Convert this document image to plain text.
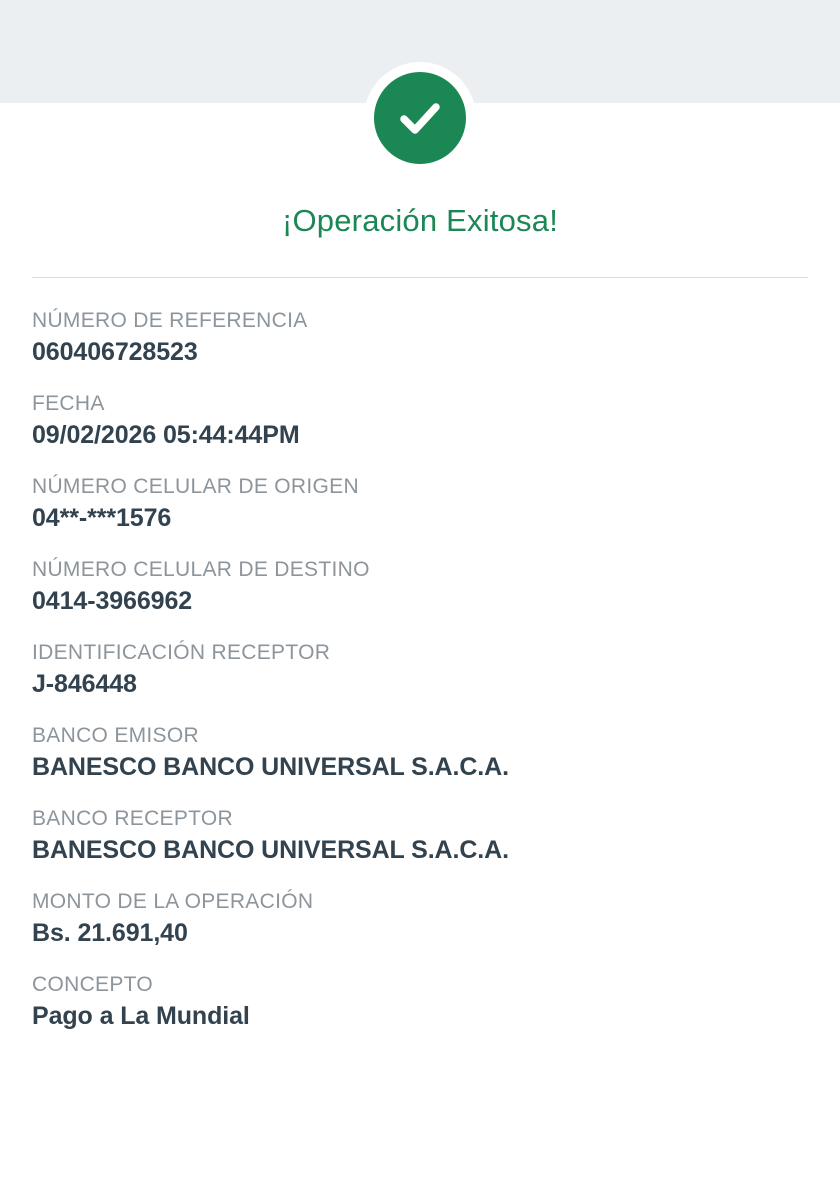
¡Operación Exitosa!
NÚMERO DE REFERENCIA
060406728523
FECHA
09/02/2026 05:44:44PM
NÚMERO CELULAR DE ORIGEN
04**-***1576
NÚMERO CELULAR DE DESTINO
0414-3966962
IDENTIFICACIÓN RECEPTOR
J-846448
BANCO EMISOR
BANESCO BANCO UNIVERSAL S.A.C.A.
BANCO RECEPTOR
BANESCO BANCO UNIVERSAL S.A.C.A.
MONTO DE LA OPERACIÓN
Bs. 21.691,40
CONCEPTO
Pago a La Mundial
